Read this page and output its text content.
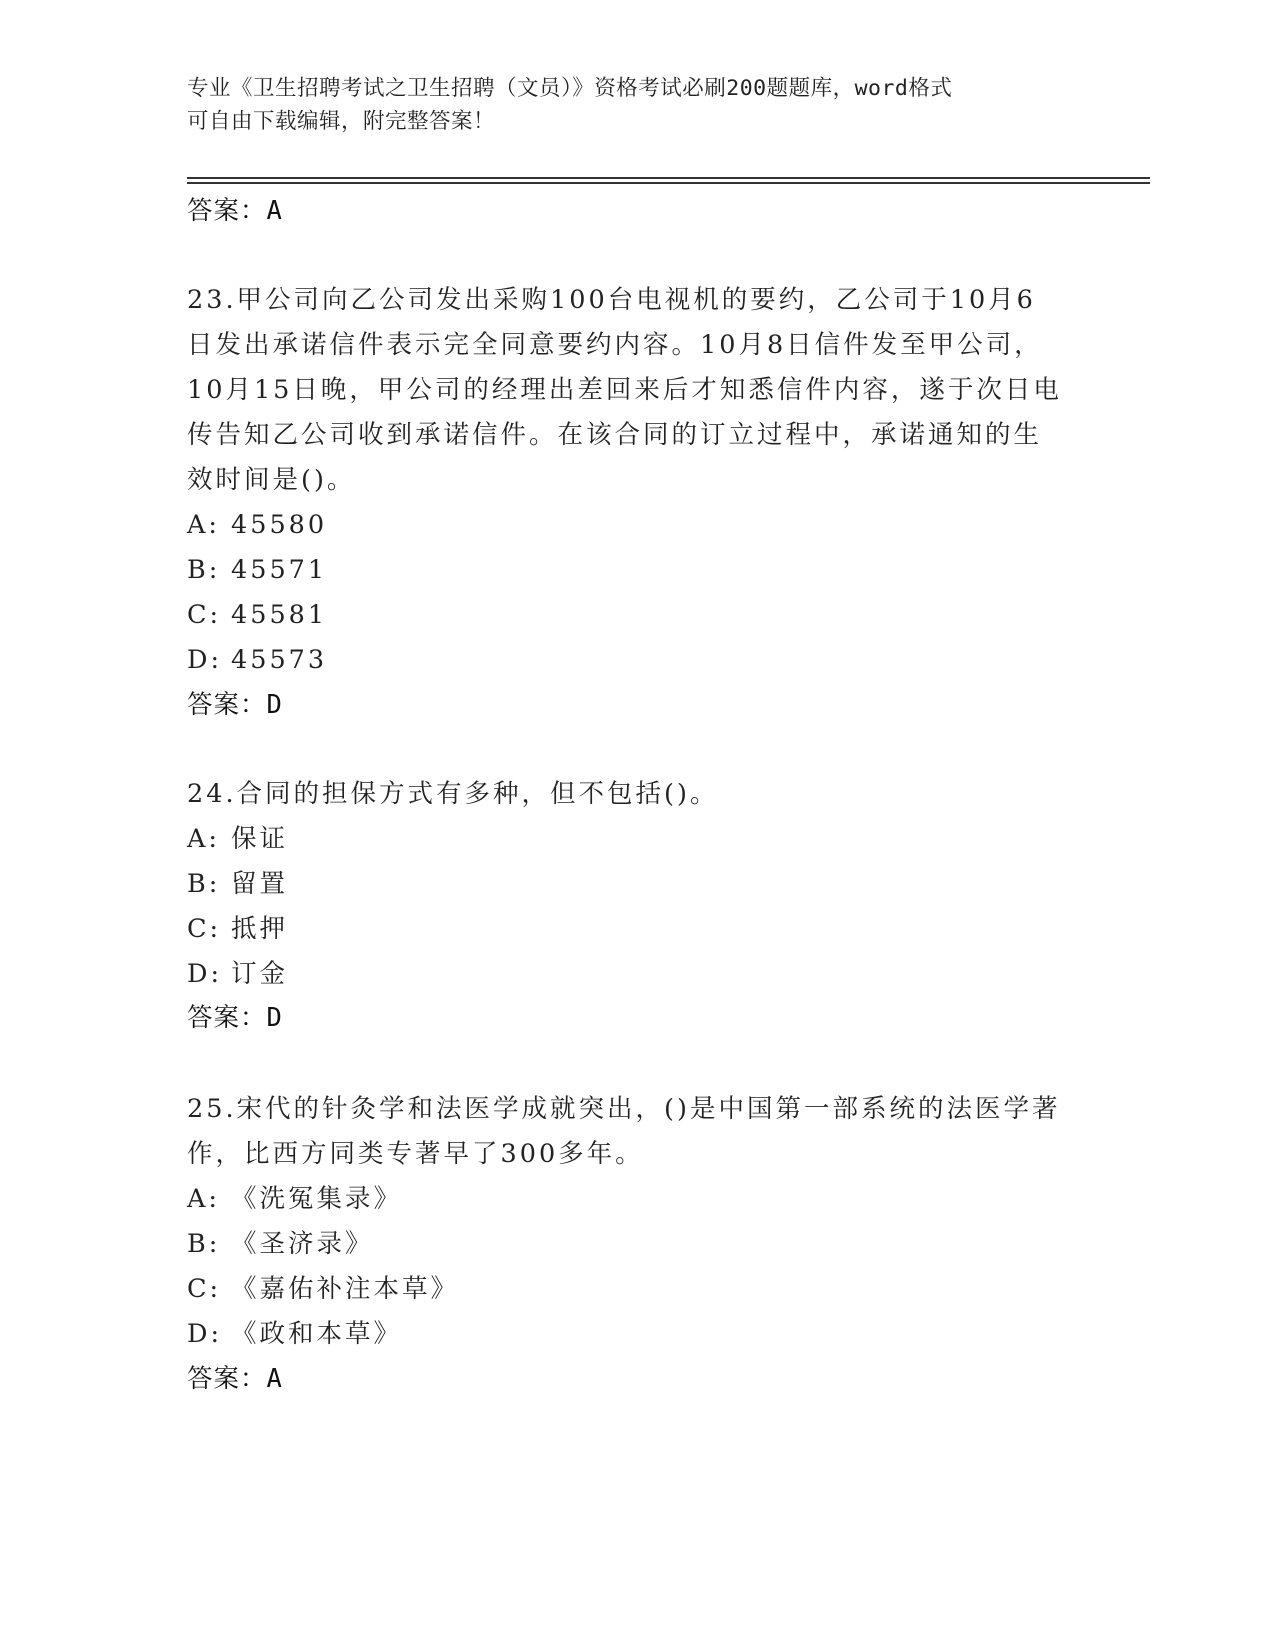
专业《卫生招聘考试之卫生招聘（文员）》资格考试必刷200题题库，word格式
可自由下载编辑，附完整答案！
答案：A
23.甲公司向乙公司发出采购100台电视机的要约，乙公司于10月6
日发出承诺信件表示完全同意要约内容。10月8日信件发至甲公司，
10月15日晚，甲公司的经理出差回来后才知悉信件内容，遂于次日电
传告知乙公司收到承诺信件。在该合同的订立过程中，承诺通知的生
效时间是()。
A: 45580
B: 45571
C: 45581
D: 45573
答案：D
24.合同的担保方式有多种，但不包括()。
A: 保证
B: 留置
C: 抵押
D: 订金
答案：D
25.宋代的针灸学和法医学成就突出，()是中国第一部系统的法医学著
作，比西方同类专著早了300多年。
A: 《洗冤集录》
B: 《圣济录》
C: 《嘉佑补注本草》
D: 《政和本草》
答案：A
